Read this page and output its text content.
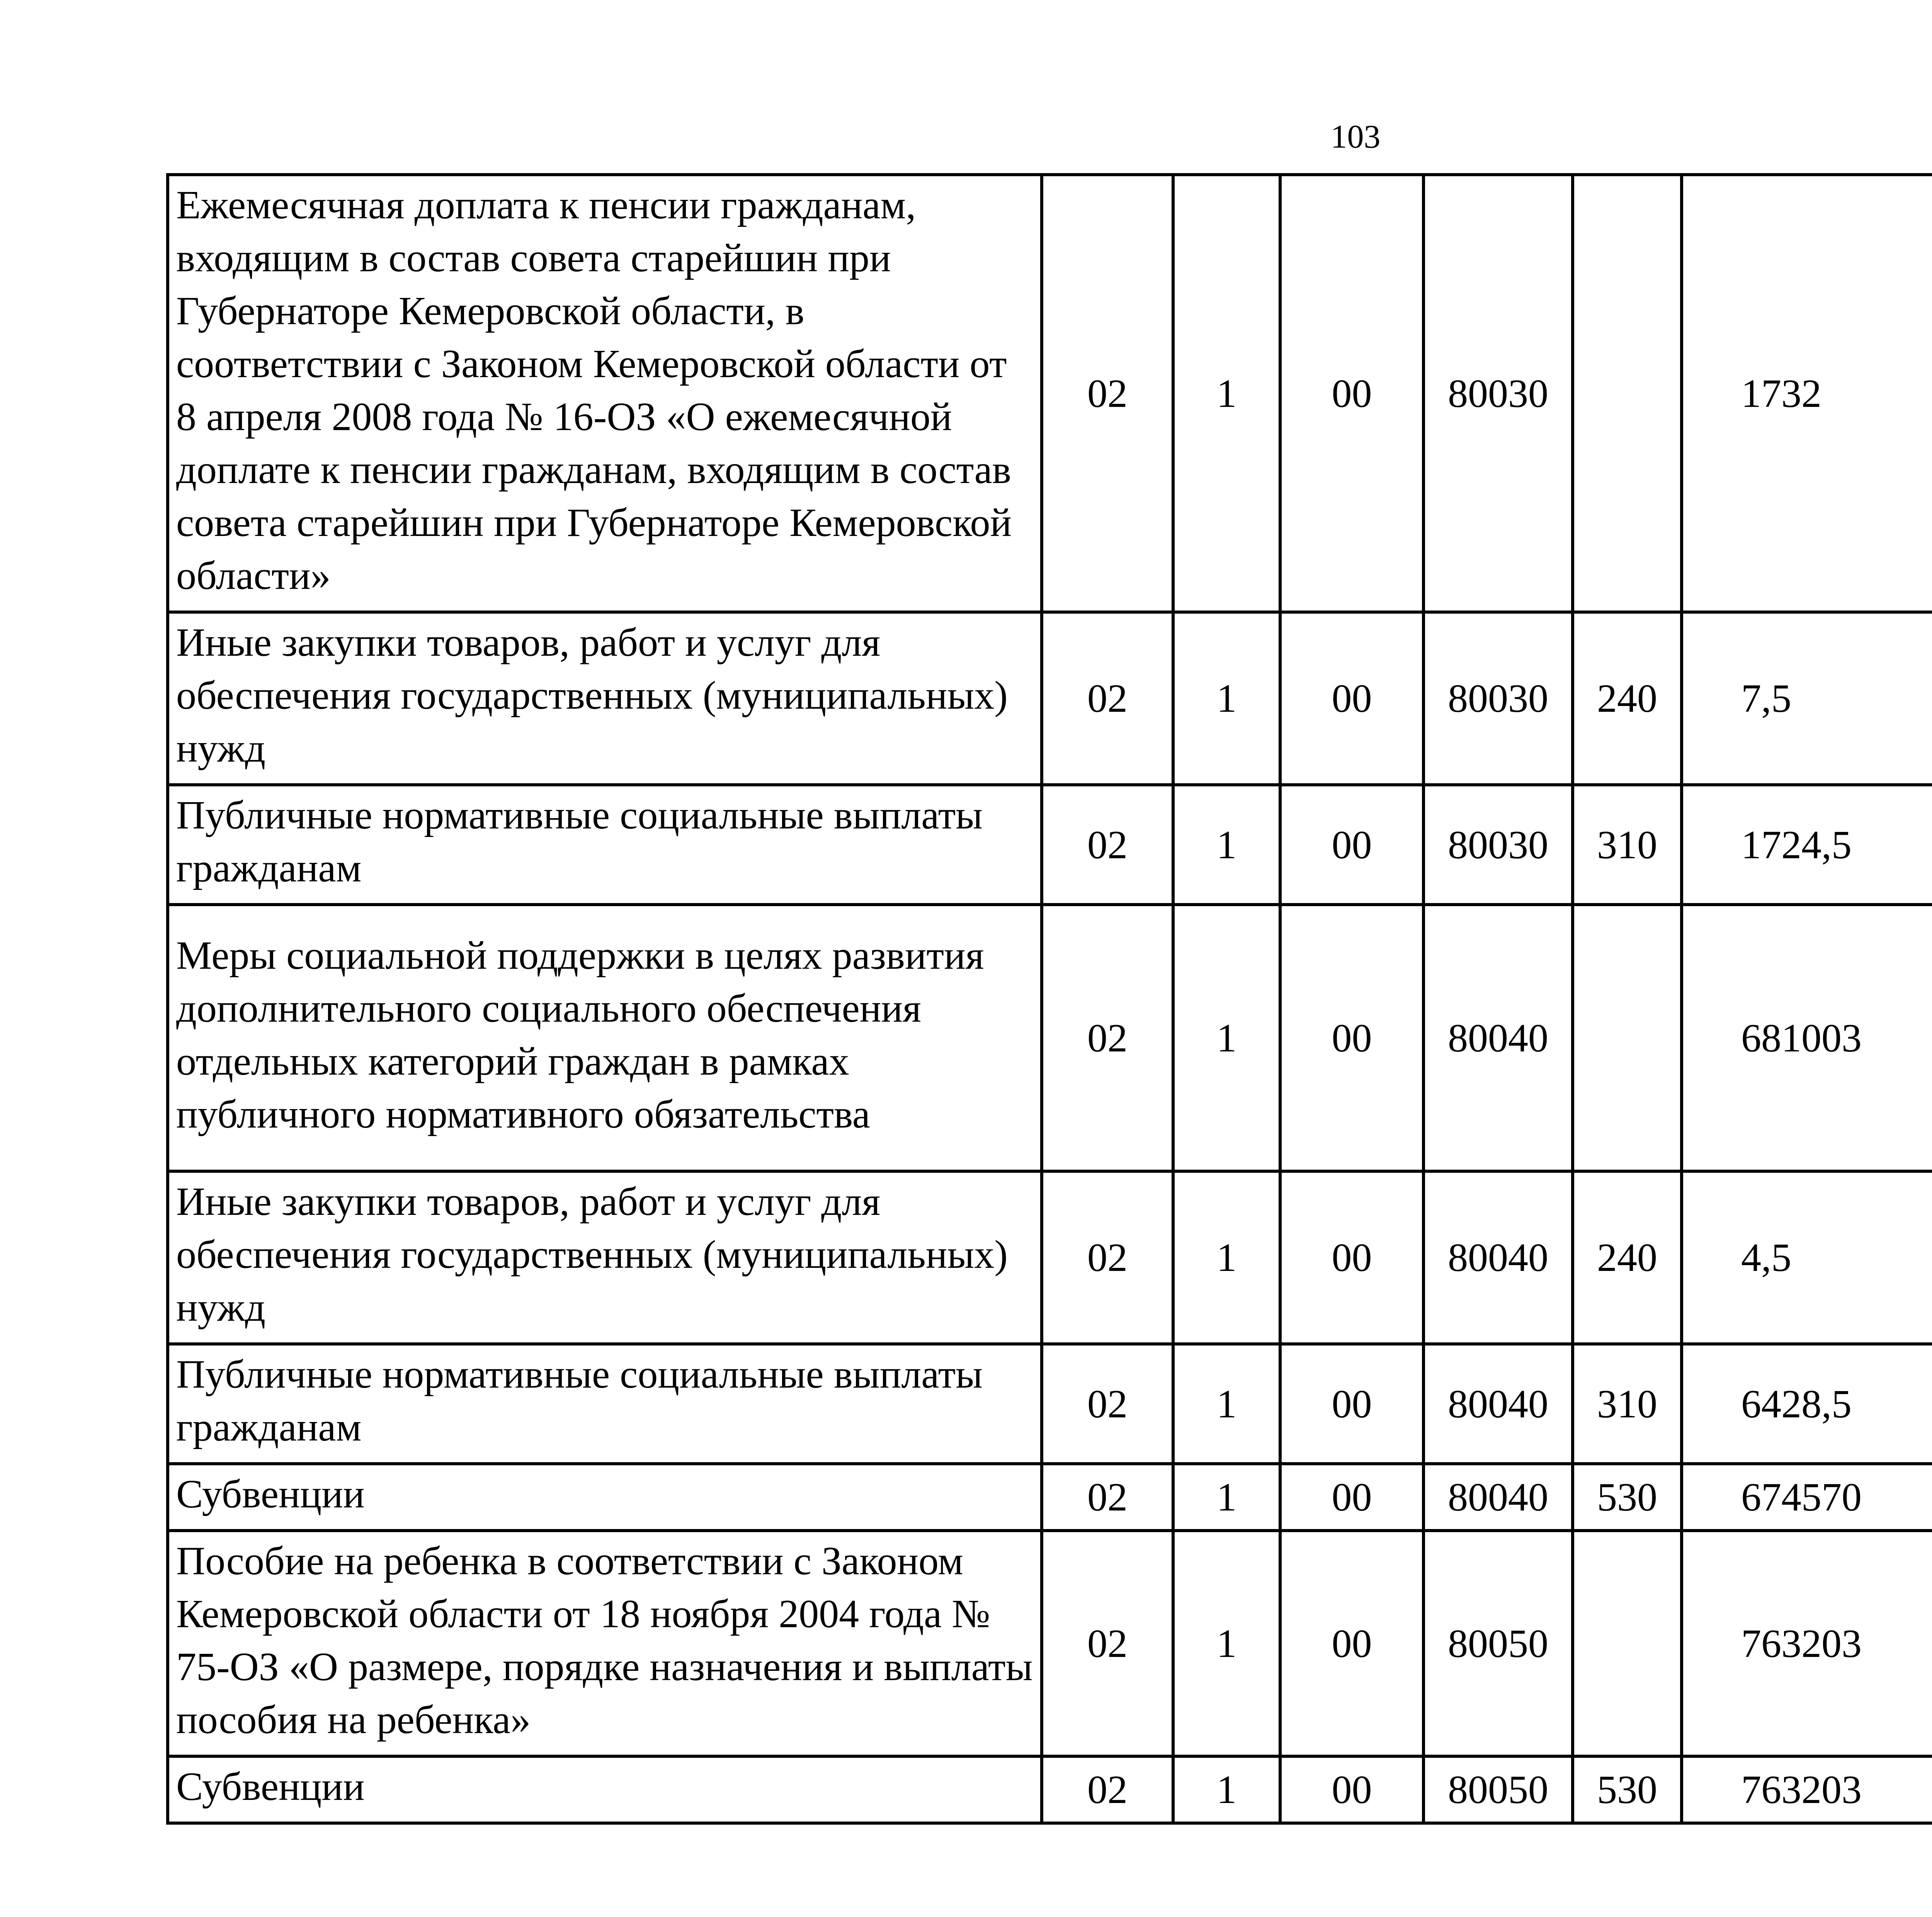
103
Ежемесячная доплата к пенсии гражданам, входящим в состав совета старейшин при Губернаторе Кемеровской области, в соответствии с Законом Кемеровской области от 8 апреля 2008 года № 16-ОЗ «О ежемесячной доплате к пенсии гражданам, входящим в состав совета старейшин при Губернаторе Кемеровской области»	02	1	00	80030		1732		
Иные закупки товаров, работ и услуг для обеспечения государственных (муниципальных) нужд	02	1	00	80030	240	7,5		
Публичные нормативные социальные выплаты гражданам	02	1	00	80030	310	1724,5		
Меры социальной поддержки в целях развития дополнительного социального обеспечения отдельных категорий граждан в рамках публичного нормативного обязательства	02	1	00	80040		681003		
Иные закупки товаров, работ и услуг для обеспечения государственных (муниципальных) нужд	02	1	00	80040	240	4,5		
Публичные нормативные социальные выплаты гражданам	02	1	00	80040	310	6428,5		
Субвенции	02	1	00	80040	530	674570		
Пособие на ребенка в соответствии с Законом Кемеровской области от 18 ноября 2004 года № 75-ОЗ «О размере, порядке назначения и выплаты пособия на ребенка»	02	1	00	80050		763203		
Субвенции	02	1	00	80050	530	763203		
